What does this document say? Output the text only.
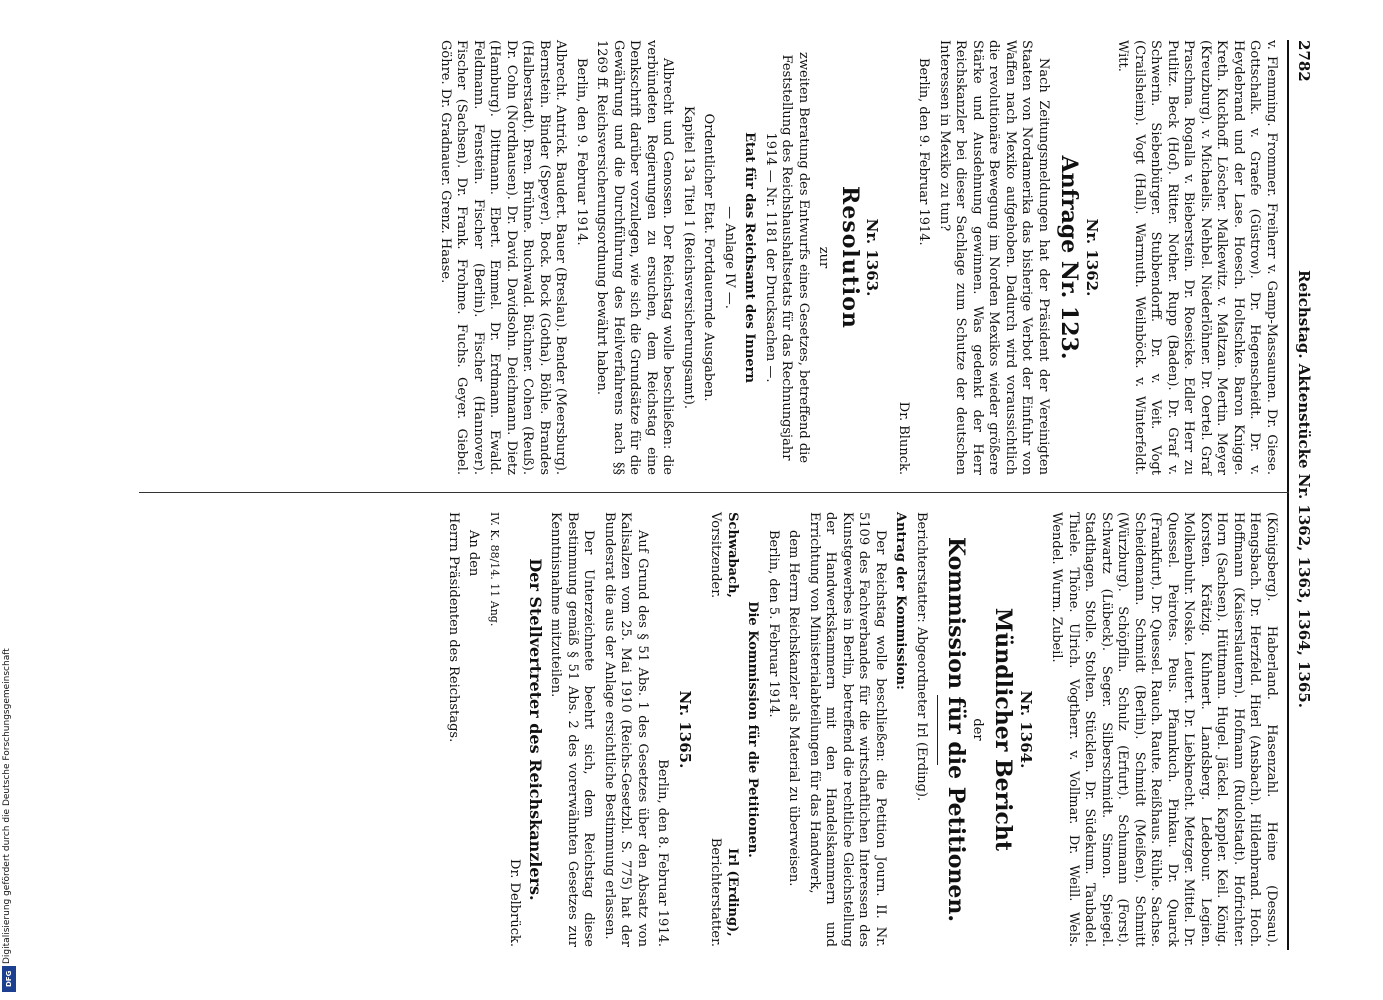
Digitalisierung gefördert durch die Deutsche Forschungsgemeinschaft
DFG
2782
Reichstag. Aktenstücke Nr. 1362, 1363, 1364, 1365.

v. Flemming. Frommer. Freiherr v. Gamp-Massaunen. Dr. Giese. Gottschalk. v. Graefe (Güstrow). Dr. Hegenscheidt. Dr. v. Heydebrand und der Lase. Hoesch. Holtschke. Baron Knigge. Kreth. Kuckhoff. Löscher. Malkewitz. v. Maltzan. Mertin. Meyer (Kreuzburg). v. Michaelis. Nehbel. Niederlöhner. Dr. Oertel. Graf Praschma. Rogalla v. Bieberstein. Dr. Roesicke. Edler Herr zu Putlitz. Beck (Hof). Ritter. Nother. Rupp (Baden). Dr. Graf v. Schwerin. Siebenbürger. Stubbendorff. Dr. v. Veit. Vogt (Crailsheim). Vogt (Hall). Warmuth. Weilnböck. v. Winterfeldt. Witt.

Nr. 1362.
Anfrage Nr. 123.

Nach Zeitungsmeldungen hat der Präsident der Vereinigten Staaten von Nordamerika das bisherige Verbot der Einfuhr von Waffen nach Mexiko aufgehoben. Dadurch wird voraussichtlich die revolutionäre Bewegung im Norden Mexikos wieder größere Stärke und Ausdehnung gewinnen. Was gedenkt der Herr Reichskanzler bei dieser Sachlage zum Schutze der deutschen Interessen in Mexiko zu tun?

Berlin, den 9. Februar 1914.

Dr. Blunck.

Nr. 1363.
Resolution

zur

zweiten Beratung des Entwurfs eines Gesetzes, betreffend die Feststellung des Reichshaushaltsetats für das Rechnungsjahr 1914 — Nr. 1181 der Drucksachen —.

Etat für das Reichsamt des Innern

— Anlage IV —.

Ordentlicher Etat. Fortdauernde Ausgaben.

Kapitel 13a Titel 1 (Reichsversicherungsamt).

Albrecht und Genossen. Der Reichstag wolle beschließen: die verbündeten Regierungen zu ersuchen, dem Reichstag eine Denkschrift darüber vorzulegen, wie sich die Grundsätze für die Gewährung und die Durchführung des Heilverfahrens nach §§ 1269 ff. Reichsversicherungsordnung bewährt haben.

Berlin, den 9. Februar 1914.

Albrecht. Antrick. Baudert. Bauer (Breslau). Bender (Meersburg). Bernstein. Binder (Speyer). Bock. Bock (Gotha). Böhle. Brandes (Halberstadt). Bren. Brühne. Buchwald. Büchner. Cohen (Reuß). Dr. Cohn (Nordhausen). Dr. David. Davidsohn. Deichmann. Dietz (Hamburg). Dittmann. Ebert. Emmel. Dr. Erdmann. Ewald. Feldmann. Fenstein. Fischer (Berlin). Fischer (Hannover). Fischer (Sachsen). Dr. Frank. Frohme. Fuchs. Geyer. Giebel. Göhre. Dr. Gradnauer. Grenz. Haase.

(Königsberg). Haberland. Hasenzahl. Heine (Dessau). Hengsbach. Dr. Herzfeld. Hierl (Ansbach). Hildenbrand. Hoch. Hoffmann (Kaiserslautern). Hofmann (Rudolstadt). Hofrichter. Horn (Sachsen). Hüttmann. Hugel. Jäckel. Kappler. Keil. König. Korsten. Krätzig. Kuhnert. Landsberg. Ledebour. Legien. Molkenbuhr. Noske. Leutert. Dr. Liebknecht. Metzger. Mittel. Dr. Quessel. Peirotes. Peus. Pfannkuch. Pinkau. Dr. Quarck (Frankfurt). Dr. Quessel. Rauch. Raute. Reißhaus. Rühle. Sachse. Scheidemann. Schmidt (Berlin). Schmidt (Meißen). Schmitt (Würzburg). Schöpflin. Schulz (Erfurt). Schumann (Forst). Schwartz (Lübeck). Seger. Silberschmidt. Simon. Spiegel. Stadthagen. Stolle. Stolten. Stücklen. Dr. Südekum. Taubadel. Thiele. Thöne. Ulrich. Vogtherr. v. Vollmar. Dr. Weill. Wels. Wendel. Wurm. Zubeil.

Nr. 1364.
Mündlicher Bericht

der

Kommission für die Petitionen.

Berichterstatter: Abgeordneter Irl (Erding).

Antrag der Kommission:

Der Reichstag wolle beschließen: die Petition Journ. II. Nr. 5109 des Fachverbandes für die wirtschaftlichen Interessen des Kunstgewerbes in Berlin, betreffend die rechtliche Gleichstellung der Handwerkskammern mit den Handelskammern und Errichtung von Ministerialabteilungen für das Handwerk,

dem Herrn Reichskanzler als Material zu überweisen.

Berlin, den 5. Februar 1914.

Die Kommission für die Petitionen.

Schwabach,
Vorsitzender.
Irl (Erding),
Berichterstatter.
Nr. 1365.

Berlin, den 8. Februar 1914.

Auf Grund des § 51 Abs. 1 des Gesetzes über den Absatz von Kalisalzen vom 25. Mai 1910 (Reichs-Gesetzbl. S. 775) hat der Bundesrat die aus der Anlage ersichtliche Bestimmung erlassen.

Der Unterzeichnete beehrt sich, dem Reichstag diese Bestimmung gemäß § 51 Abs. 2 des vorerwähnten Gesetzes zur Kenntnisnahme mitzuteilen.

Der Stellvertreter des Reichskanzlers.

Dr. Delbrück.

IV. K. 88/14. 11 Ang.

An den

Herrn Präsidenten des Reichstags.
